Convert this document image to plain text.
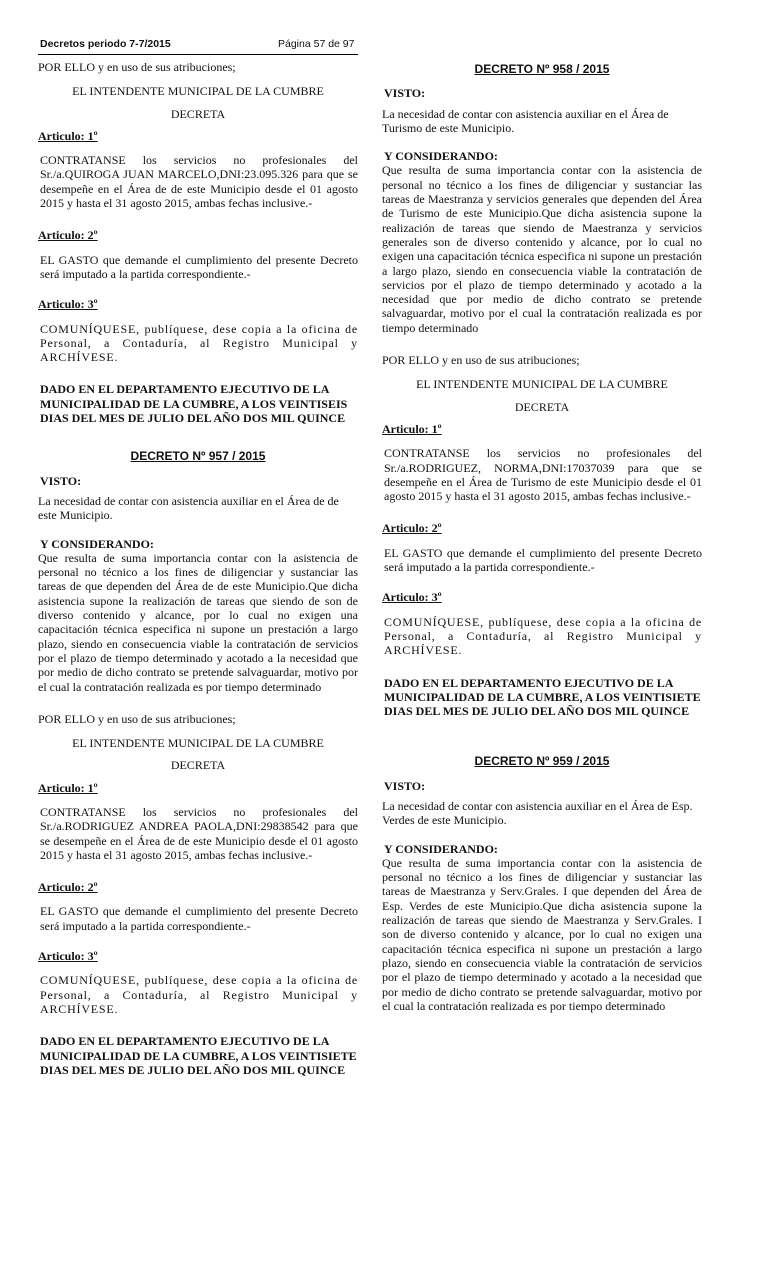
Decretos periodo 7-7/2015	Página 57 de 97

POR ELLO y en uso de sus atribuciones;

EL INTENDENTE MUNICIPAL DE LA CUMBRE

DECRETA

Articulo: 1º

CONTRATANSE los servicios no profesionales del Sr./a.QUIROGA JUAN MARCELO,DNI:23.095.326 para que se desempeñe en el Área de de este Municipio desde el 01 agosto 2015 y hasta el 31 agosto 2015, ambas fechas inclusive.-

Articulo: 2º

EL GASTO que demande el cumplimiento del presente Decreto será imputado a la partida correspondiente.-

Articulo: 3º

COMUNÍQUESE, publíquese, dese copia a la oficina de Personal, a Contaduría, al Registro Municipal y ARCHÍVESE.

DADO EN EL DEPARTAMENTO EJECUTIVO DE LA MUNICIPALIDAD DE LA CUMBRE, A LOS VEINTISEIS DIAS DEL MES DE JULIO DEL AÑO DOS MIL QUINCE

DECRETO Nº 957 / 2015

VISTO:

La necesidad de contar con asistencia auxiliar en el Área de de este Municipio.

Y CONSIDERANDO:

Que resulta de suma importancia contar con la asistencia de personal no técnico a los fines de diligenciar y sustanciar las tareas de que dependen del Área de de este Municipio.Que dicha asistencia supone la realización de tareas que siendo de son de diverso contenido y alcance, por lo cual no exigen una capacitación técnica especifica ni supone un prestación a largo plazo, siendo en consecuencia viable la contratación de servicios por el plazo de tiempo determinado y acotado a la necesidad que por medio de dicho contrato se pretende salvaguardar, motivo por el cual la contratación realizada es por tiempo determinado

POR ELLO y en uso de sus atribuciones;

EL INTENDENTE MUNICIPAL DE LA CUMBRE

DECRETA

Articulo: 1º

CONTRATANSE los servicios no profesionales del Sr./a.RODRIGUEZ ANDREA PAOLA,DNI:29838542 para que se desempeñe en el Área de de este Municipio desde el 01 agosto 2015 y hasta el 31 agosto 2015, ambas fechas inclusive.-

Articulo: 2º

EL GASTO que demande el cumplimiento del presente Decreto será imputado a la partida correspondiente.-

Articulo: 3º

COMUNÍQUESE, publíquese, dese copia a la oficina de Personal, a Contaduría, al Registro Municipal y ARCHÍVESE.

DADO EN EL DEPARTAMENTO EJECUTIVO DE LA MUNICIPALIDAD DE LA CUMBRE, A LOS VEINTISIETE DIAS DEL MES DE JULIO DEL AÑO DOS MIL QUINCE

DECRETO Nº 958 / 2015

VISTO:

La necesidad de contar con asistencia auxiliar en el Área de Turismo de este Municipio.

Y CONSIDERANDO:

Que resulta de suma importancia contar con la asistencia de personal no técnico a los fines de diligenciar y sustanciar las tareas de Maestranza y servicios generales que dependen del Área de Turismo de este Municipio.Que dicha asistencia supone la realización de tareas que siendo de Maestranza y servicios generales son de diverso contenido y alcance, por lo cual no exigen una capacitación técnica especifica ni supone un prestación a largo plazo, siendo en consecuencia viable la contratación de servicios por el plazo de tiempo determinado y acotado a la necesidad que por medio de dicho contrato se pretende salvaguardar, motivo por el cual la contratación realizada es por tiempo determinado

POR ELLO y en uso de sus atribuciones;

EL INTENDENTE MUNICIPAL DE LA CUMBRE

DECRETA

Articulo: 1º

CONTRATANSE los servicios no profesionales del Sr./a.RODRIGUEZ, NORMA,DNI:17037039 para que se desempeñe en el Área de Turismo de este Municipio desde el 01 agosto 2015 y hasta el 31 agosto 2015, ambas fechas inclusive.-

Articulo: 2º

EL GASTO que demande el cumplimiento del presente Decreto será imputado a la partida correspondiente.-

Articulo: 3º

COMUNÍQUESE, publíquese, dese copia a la oficina de Personal, a Contaduría, al Registro Municipal y ARCHÍVESE.

DADO EN EL DEPARTAMENTO EJECUTIVO DE LA MUNICIPALIDAD DE LA CUMBRE, A LOS VEINTISIETE DIAS DEL MES DE JULIO DEL AÑO DOS MIL QUINCE

DECRETO Nº 959 / 2015

VISTO:

La necesidad de contar con asistencia auxiliar en el Área de Esp. Verdes de este Municipio.

Y CONSIDERANDO:

Que resulta de suma importancia contar con la asistencia de personal no técnico a los fines de diligenciar y sustanciar las tareas de Maestranza y Serv.Grales. I que dependen del Área de Esp. Verdes de este Municipio.Que dicha asistencia supone la realización de tareas que siendo de Maestranza y Serv.Grales. I son de diverso contenido y alcance, por lo cual no exigen una capacitación técnica especifica ni supone un prestación a largo plazo, siendo en consecuencia viable la contratación de servicios por el plazo de tiempo determinado y acotado a la necesidad que por medio de dicho contrato se pretende salvaguardar, motivo por el cual la contratación realizada es por tiempo determinado
